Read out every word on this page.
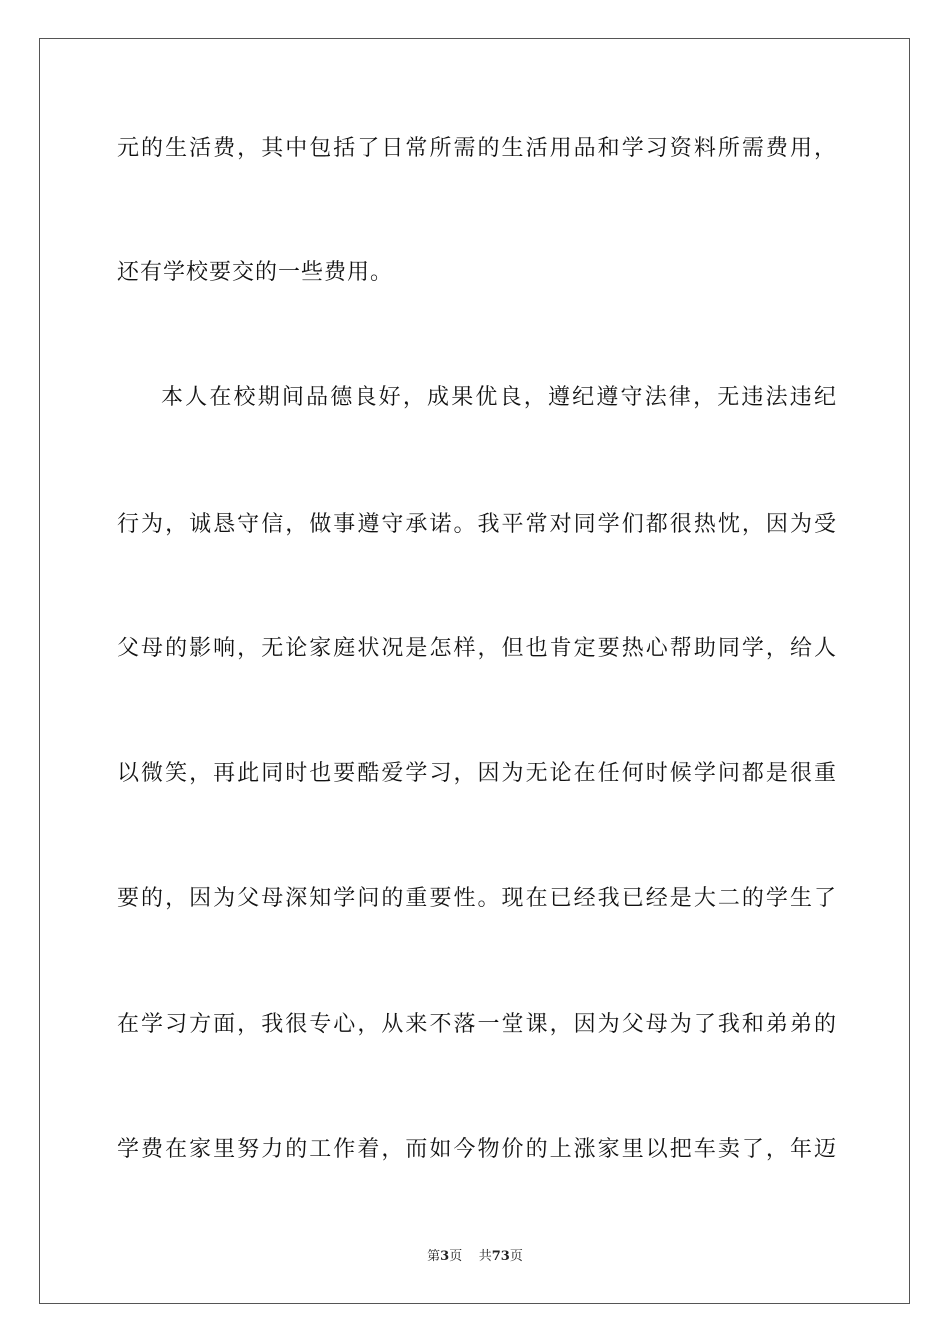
元的生活费，其中包括了日常所需的生活用品和学习资料所需费用，
还有学校要交的一些费用。
本人在校期间品德良好，成果优良，遵纪遵守法律，无违法违纪
行为，诚恳守信，做事遵守承诺。我平常对同学们都很热忱，因为受
父母的影响，无论家庭状况是怎样，但也肯定要热心帮助同学，给人
以微笑，再此同时也要酷爱学习，因为无论在任何时候学问都是很重
要的，因为父母深知学问的重要性。现在已经我已经是大二的学生了
在学习方面，我很专心，从来不落一堂课，因为父母为了我和弟弟的
学费在家里努力的工作着，而如今物价的上涨家里以把车卖了，年迈
第3页 共73页
